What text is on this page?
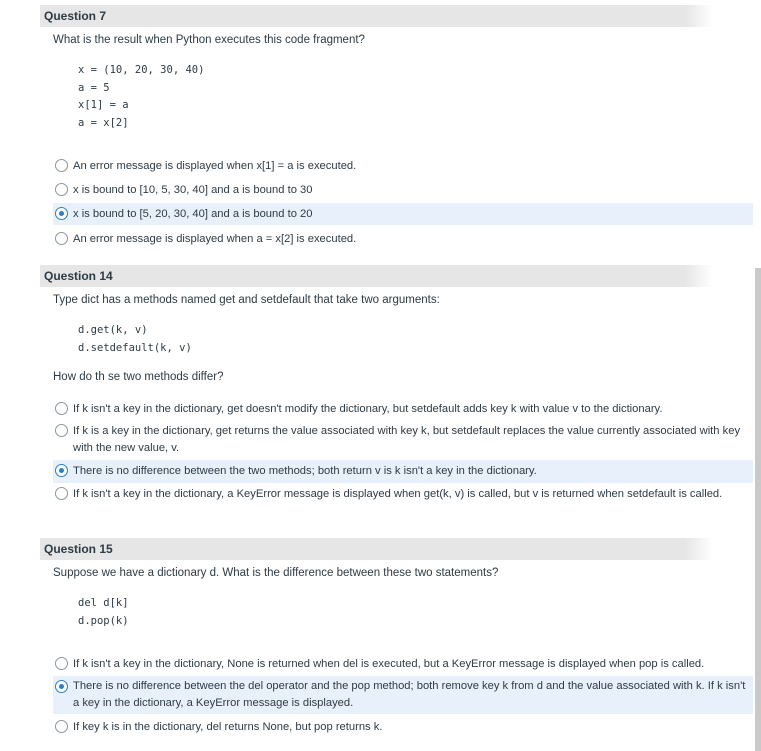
Question 7
What is the result when Python executes this code fragment?
x = (10, 20, 30, 40)
a = 5
x[1] = a
a = x[2]
An error message is displayed when x[1] = a is executed.
x is bound to [10, 5, 30, 40] and a is bound to 30
x is bound to [5, 20, 30, 40] and a is bound to 20
An error message is displayed when a = x[2] is executed.
Question 14
Type dict has a methods named get and setdefault that take two arguments:
d.get(k, v)
d.setdefault(k, v)
How do th se two methods differ?
If k isn't a key in the dictionary, get doesn't modify the dictionary, but setdefault adds key k with value v to the dictionary.
If k is a key in the dictionary, get returns the value associated with key k, but setdefault replaces the value currently associated with key with the new value, v.
There is no difference between the two methods; both return v is k isn't a key in the dictionary.
If k isn't a key in the dictionary, a KeyError message is displayed when get(k, v) is called, but v is returned when setdefault is called.
Question 15
Suppose we have a dictionary d. What is the difference between these two statements?
del d[k]
d.pop(k)
If k isn't a key in the dictionary, None is returned when del is executed, but a KeyError message is displayed when pop is called.
There is no difference between the del operator and the pop method; both remove key k from d and the value associated with k. If k isn't a key in the dictionary, a KeyError message is displayed.
If key k is in the dictionary, del returns None, but pop returns k.
